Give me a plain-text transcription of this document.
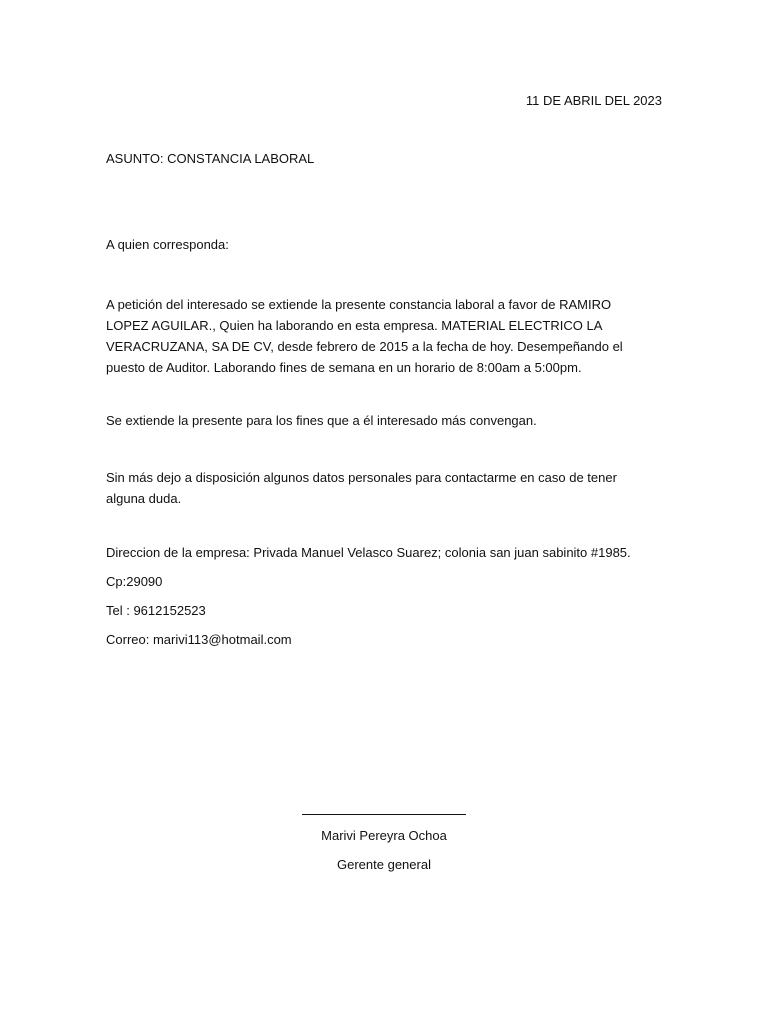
11 DE ABRIL DEL 2023
ASUNTO: CONSTANCIA LABORAL
A quien corresponda:

A petición del interesado se extiende la presente constancia laboral a favor de RAMIRO LOPEZ AGUILAR., Quien ha laborando en esta empresa. MATERIAL ELECTRICO LA VERACRUZANA, SA DE CV, desde febrero de 2015 a la fecha de hoy. Desempeñando el puesto de Auditor. Laborando fines de semana en un horario de 8:00am a 5:00pm.

Se extiende la presente para los fines que a él interesado más convengan.

Sin más dejo a disposición algunos datos personales para contactarme en caso de tener alguna duda.

Direccion de la empresa: Privada Manuel Velasco Suarez; colonia san juan sabinito #1985.
Cp:29090
Tel : 9612152523
Correo: marivi113@hotmail.com
Marivi Pereyra Ochoa
Gerente general
